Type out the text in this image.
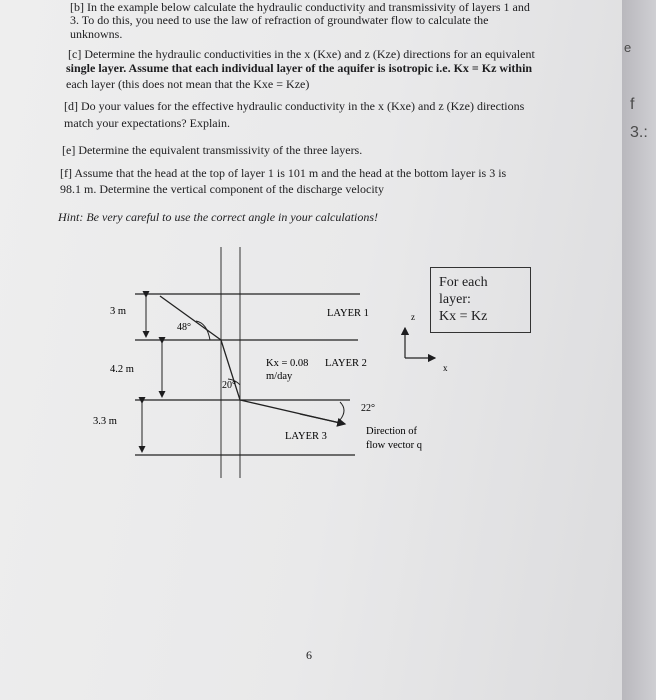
[b] In the example below calculate the hydraulic conductivity and transmissivity of layers 1 and
3. To do this, you need to use the law of refraction of groundwater flow to calculate the
unknowns.
[c] Determine the hydraulic conductivities in the x (Kxe) and z (Kze) directions for an equivalent
single layer. Assume that each individual layer of the aquifer is isotropic i.e. Kx = Kz within
each layer (this does not mean that the Kxe = Kze)
[d] Do your values for the effective hydraulic conductivity in the x (Kxe) and z (Kze) directions
match your expectations? Explain.
[e] Determine the equivalent transmissivity of the three layers.
[f] Assume that the head at the top of layer 1 is 101 m and the head at the bottom layer is 3 is
98.1 m. Determine the vertical component of the discharge velocity
Hint: Be very careful to use the correct angle in your calculations!
3 m
4.2 m
3.3 m
48°
20°
22°
LAYER 1
LAYER 2
LAYER 3
Kx = 0.08
m/day
z
x
Direction of
flow vector q
For each
layer:
Kx = Kz
6
e
f
3.:
